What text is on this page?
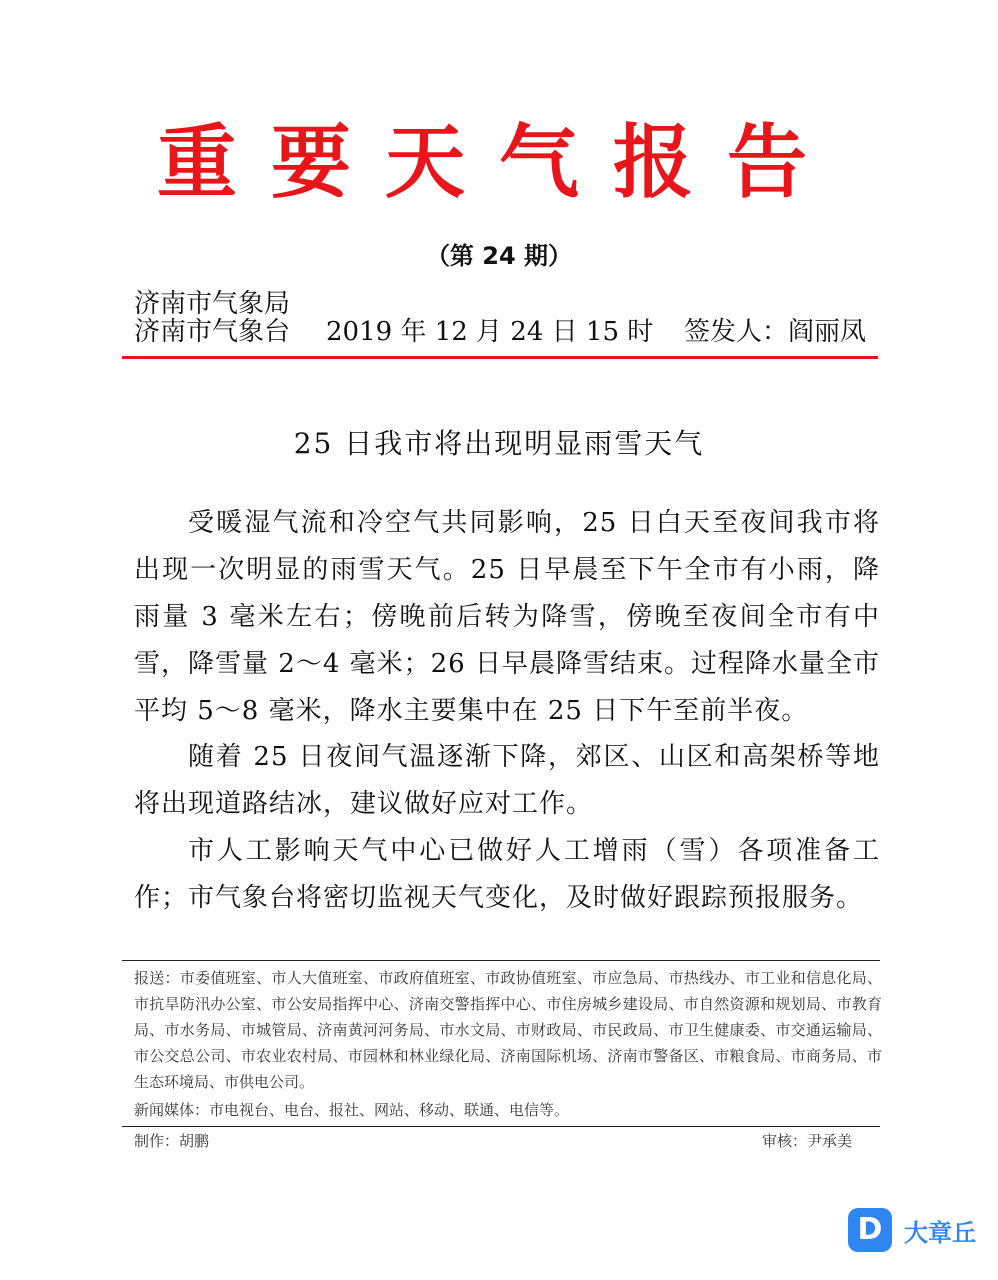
重要天气报告
（第 24 期）
济南市气象局
济南市气象台 2019 年 12 月 24 日 15 时 签发人：阎丽凤
25 日我市将出现明显雨雪天气

受暖湿气流和冷空气共同影响，25 日白天至夜间我市将出现一次明显的雨雪天气。25 日早晨至下午全市有小雨，降雨量 3 毫米左右；傍晚前后转为降雪，傍晚至夜间全市有中雪，降雪量 2～4 毫米；26 日早晨降雪结束。过程降水量全市平均 5～8 毫米，降水主要集中在 25 日下午至前半夜。

随着 25 日夜间气温逐渐下降，郊区、山区和高架桥等地将出现道路结冰，建议做好应对工作。

市人工影响天气中心已做好人工增雨（雪）各项准备工作；市气象台将密切监视天气变化，及时做好跟踪预报服务。

报送：市委值班室、市人大值班室、市政府值班室、市政协值班室、市应急局、市热线办、市工业和信息化局、市抗旱防汛办公室、市公安局指挥中心、济南交警指挥中心、市住房城乡建设局、市自然资源和规划局、市教育局、市水务局、市城管局、济南黄河河务局、市水文局、市财政局、市民政局、市卫生健康委、市交通运输局、市公交总公司、市农业农村局、市园林和林业绿化局、济南国际机场、济南市警备区、市粮食局、市商务局、市生态环境局、市供电公司。

新闻媒体：市电视台、电台、报社、网站、移动、联通、电信等。
制作：胡鹏	审核：尹承美
D 大章丘
